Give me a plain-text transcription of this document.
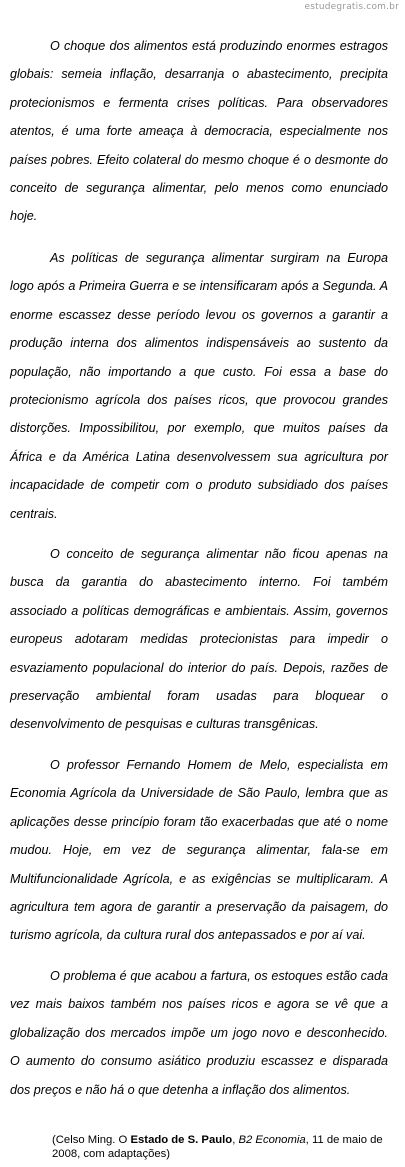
estudegratis.com.br

O choque dos alimentos está produzindo enormes estragos globais: semeia inflação, desarranja o abastecimento, precipita protecionismos e fermenta crises políticas. Para observadores atentos, é uma forte ameaça à democracia, especialmente nos países pobres. Efeito colateral do mesmo choque é o desmonte do conceito de segurança alimentar, pelo menos como enunciado hoje.

As políticas de segurança alimentar surgiram na Europa logo após a Primeira Guerra e se intensificaram após a Segunda. A enorme escassez desse período levou os governos a garantir a produção interna dos alimentos indispensáveis ao sustento da população, não importando a que custo. Foi essa a base do protecionismo agrícola dos países ricos, que provocou grandes distorções. Impossibilitou, por exemplo, que muitos países da África e da América Latina desenvolvessem sua agricultura por incapacidade de competir com o produto subsidiado dos países centrais.

O conceito de segurança alimentar não ficou apenas na busca da garantia do abastecimento interno. Foi também associado a políticas demográficas e ambientais. Assim, governos europeus adotaram medidas protecionistas para impedir o esvaziamento populacional do interior do país. Depois, razões de preservação ambiental foram usadas para bloquear o desenvolvimento de pesquisas e culturas transgênicas.

O professor Fernando Homem de Melo, especialista em Economia Agrícola da Universidade de São Paulo, lembra que as aplicações desse princípio foram tão exacerbadas que até o nome mudou. Hoje, em vez de segurança alimentar, fala-se em Multifuncionalidade Agrícola, e as exigências se multiplicaram. A agricultura tem agora de garantir a preservação da paisagem, do turismo agrícola, da cultura rural dos antepassados e por aí vai.

O problema é que acabou a fartura, os estoques estão cada vez mais baixos também nos países ricos e agora se vê que a globalização dos mercados impõe um jogo novo e desconhecido. O aumento do consumo asiático produziu escassez e disparada dos preços e não há o que detenha a inflação dos alimentos.

(Celso Ming. O Estado de S. Paulo, B2 Economia, 11 de maio de 2008, com adaptações)
